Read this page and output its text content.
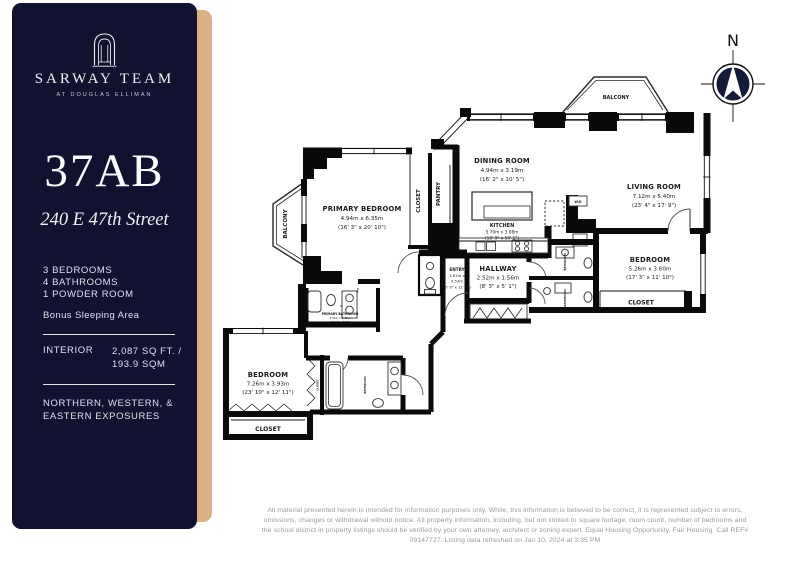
SARWAY TEAM
AT DOUGLAS ELLIMAN
37AB
240 E 47th Street
3 BEDROOMS
4 BATHROOMS
1 POWDER ROOM
Bonus Sleeping Area
INTERIOR	2,087 SQ FT. /
193.9 SQM
NORTHERN, WESTERN, &
EASTERN EXPOSURES
N
BALCONY
BALCONY
CLOSET
W/D
POWDER ROOM
BATHROOM
BATHROOM
CLOSET	PANTRY
PRIMARY BATHROOM
3.01m x 2.33m
(9' 10" x 7' 7")
CLOSET
CLOSET	BATHROOM
DINING ROOM
4.94m x 3.19m
(16' 2" x 10' 5")
LIVING ROOM
7.12m x 5.40m
(23' 4" x 17' 9")
KITCHEN
5.70m x 3.08m
(18' 9" x 10' 1")
PRIMARY BEDROOM
4.94m x 6.35m
(16' 3" x 20' 10")
HALLWAY
2.52m x 1.56m
(8' 3" x 5' 1")
ENTRY
1.61m x
3.53m
(5' 3" x 11' 7")
BEDROOM
5.26m x 3.60m
(17' 3" x 11' 10")
BEDROOM
7.26m x 3.93m
(23' 10" x 12' 11")
All material presented herein is intended for information purposes only. While, this information is believed to be correct, it is represented subject to errors,
omissions, changes or withdrawal without notice. All property information, including, but not limited to square footage, room count, number of bedrooms and
the school district in property listings should be verified by your own attorney, architect or zoning expert. Equal Housing Opportunity. Fair Housing. Call REF#
09147727. Listing data refreshed on Jan 10, 2024 at 3:35 PM
